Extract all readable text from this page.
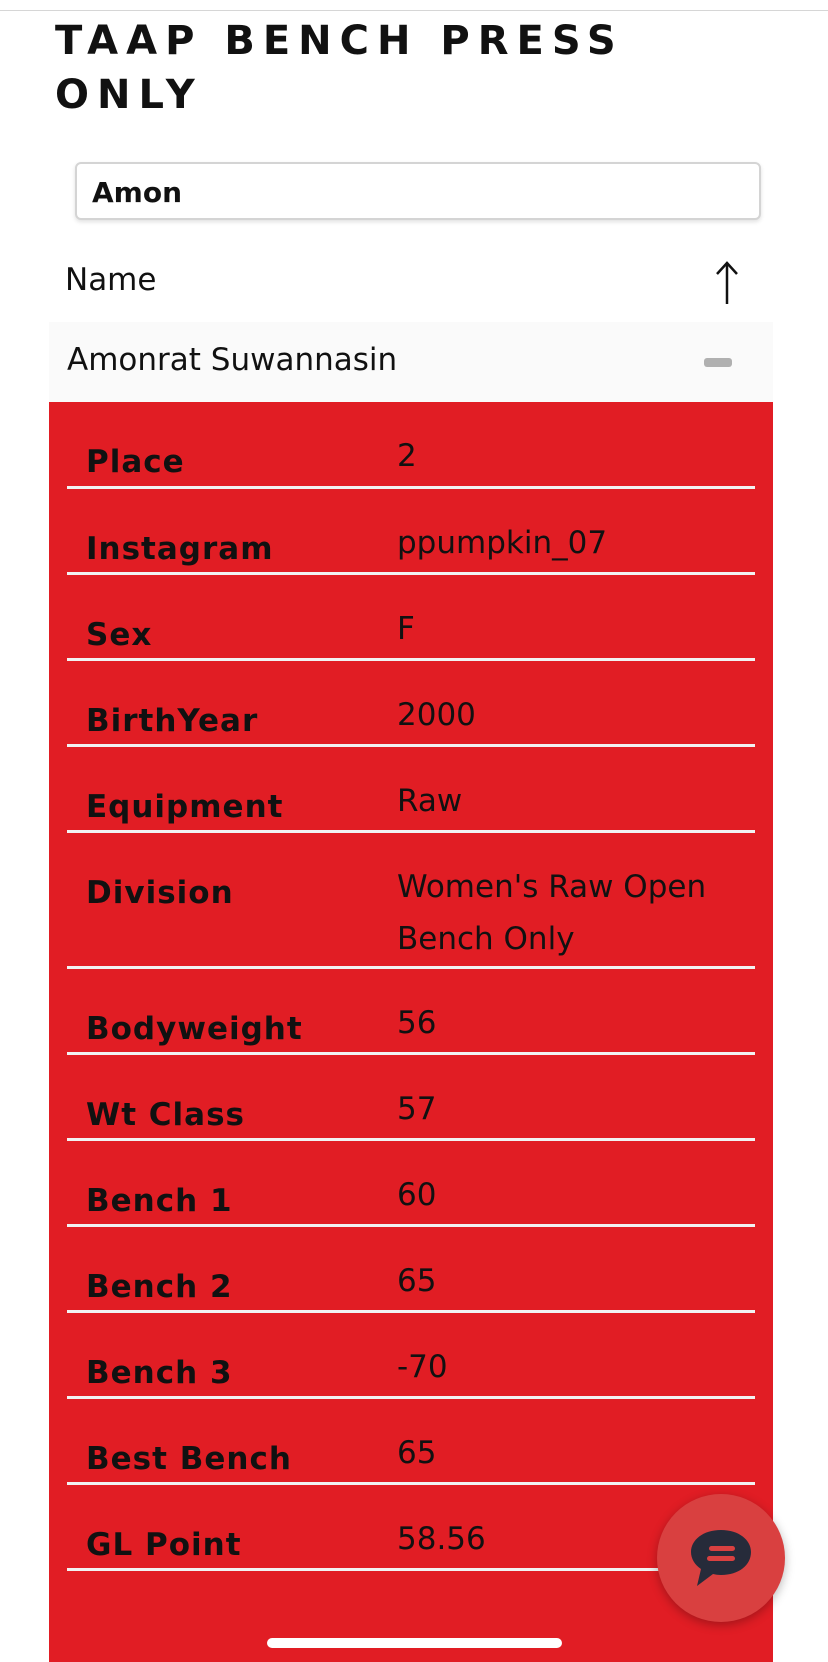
TAAP BENCH PRESS ONLY
Amon
Name
Amonrat Suwannasin
Place	2
Instagram	ppumpkin_07
Sex	F
BirthYear	2000
Equipment	Raw
Division	Women's Raw Open Bench Only
Bodyweight	56
Wt Class	57
Bench 1	60
Bench 2	65
Bench 3	-70
Best Bench	65
GL Point	58.56
